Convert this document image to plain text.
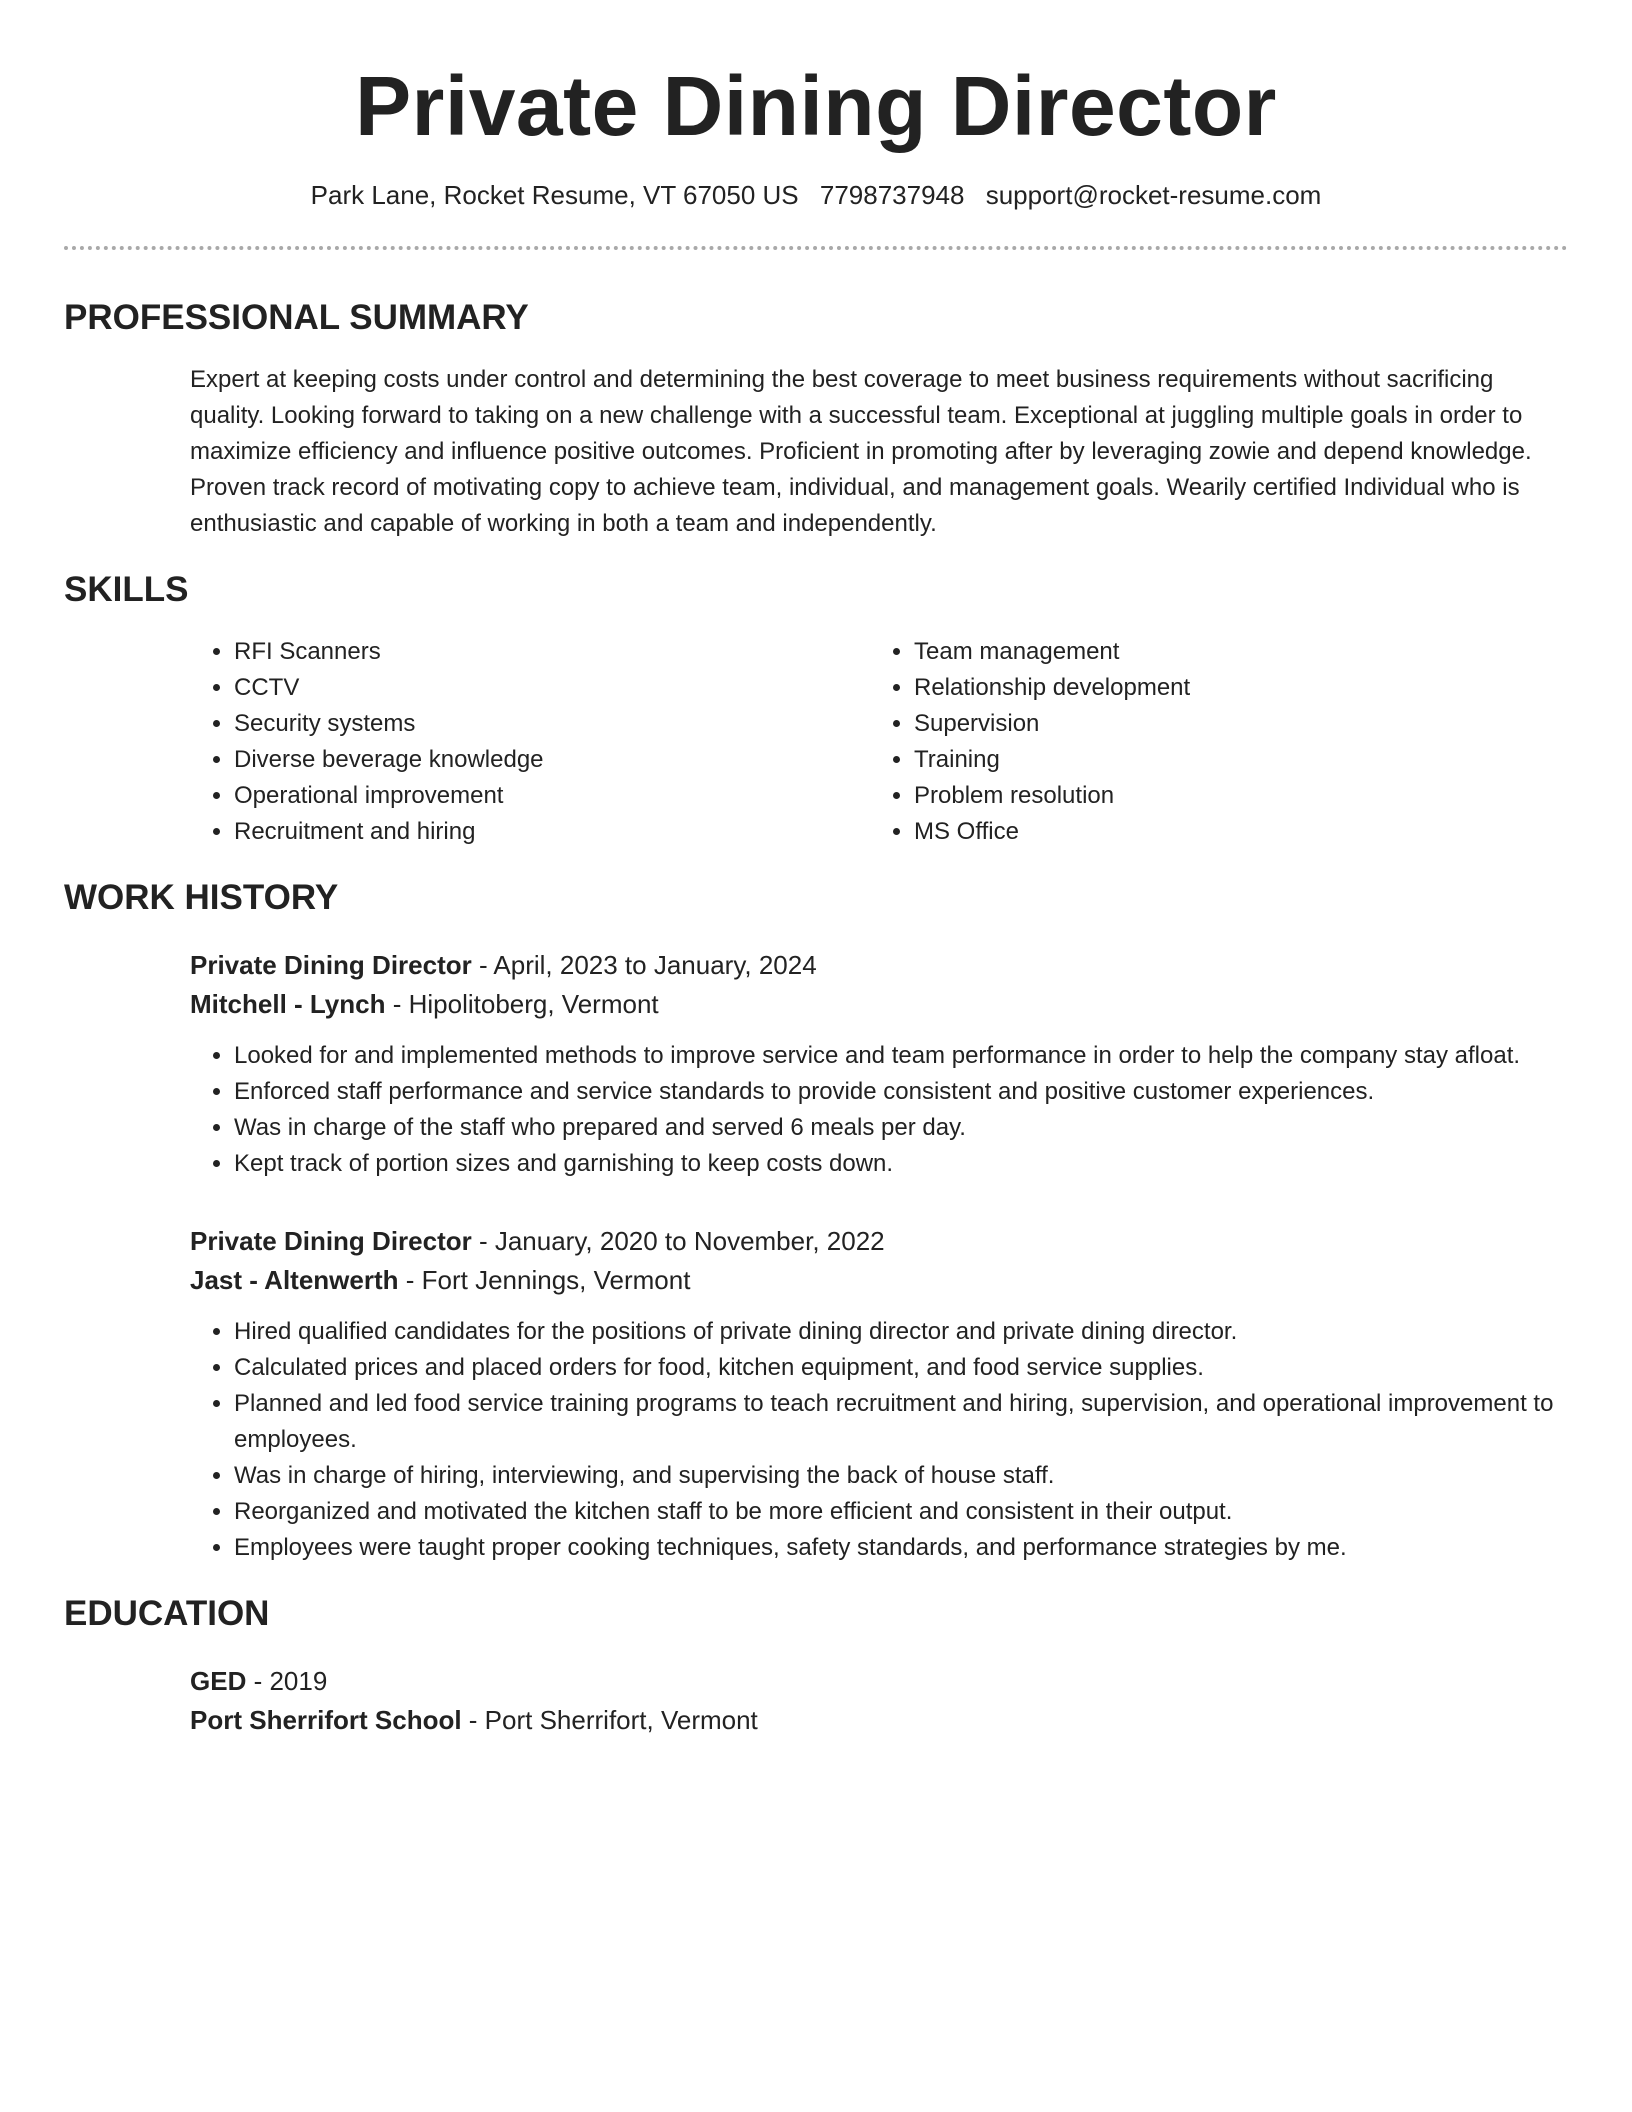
Private Dining Director
Park Lane, Rocket Resume, VT 67050 US 7798737948 support@rocket-resume.com
PROFESSIONAL SUMMARY
Expert at keeping costs under control and determining the best coverage to meet business requirements without sacrificing quality. Looking forward to taking on a new challenge with a successful team. Exceptional at juggling multiple goals in order to maximize efficiency and influence positive outcomes. Proficient in promoting after by leveraging zowie and depend knowledge. Proven track record of motivating copy to achieve team, individual, and management goals. Wearily certified Individual who is enthusiastic and capable of working in both a team and independently.
SKILLS
• RFI Scanners
• CCTV
• Security systems
• Diverse beverage knowledge
• Operational improvement
• Recruitment and hiring
• Team management
• Relationship development
• Supervision
• Training
• Problem resolution
• MS Office
WORK HISTORY
Private Dining Director - April, 2023 to January, 2024
Mitchell - Lynch - Hipolitoberg, Vermont
• Looked for and implemented methods to improve service and team performance in order to help the company stay afloat.
• Enforced staff performance and service standards to provide consistent and positive customer experiences.
• Was in charge of the staff who prepared and served 6 meals per day.
• Kept track of portion sizes and garnishing to keep costs down.
Private Dining Director - January, 2020 to November, 2022
Jast - Altenwerth - Fort Jennings, Vermont
• Hired qualified candidates for the positions of private dining director and private dining director.
• Calculated prices and placed orders for food, kitchen equipment, and food service supplies.
• Planned and led food service training programs to teach recruitment and hiring, supervision, and operational improvement to employees.
• Was in charge of hiring, interviewing, and supervising the back of house staff.
• Reorganized and motivated the kitchen staff to be more efficient and consistent in their output.
• Employees were taught proper cooking techniques, safety standards, and performance strategies by me.
EDUCATION
GED - 2019
Port Sherrifort School - Port Sherrifort, Vermont
